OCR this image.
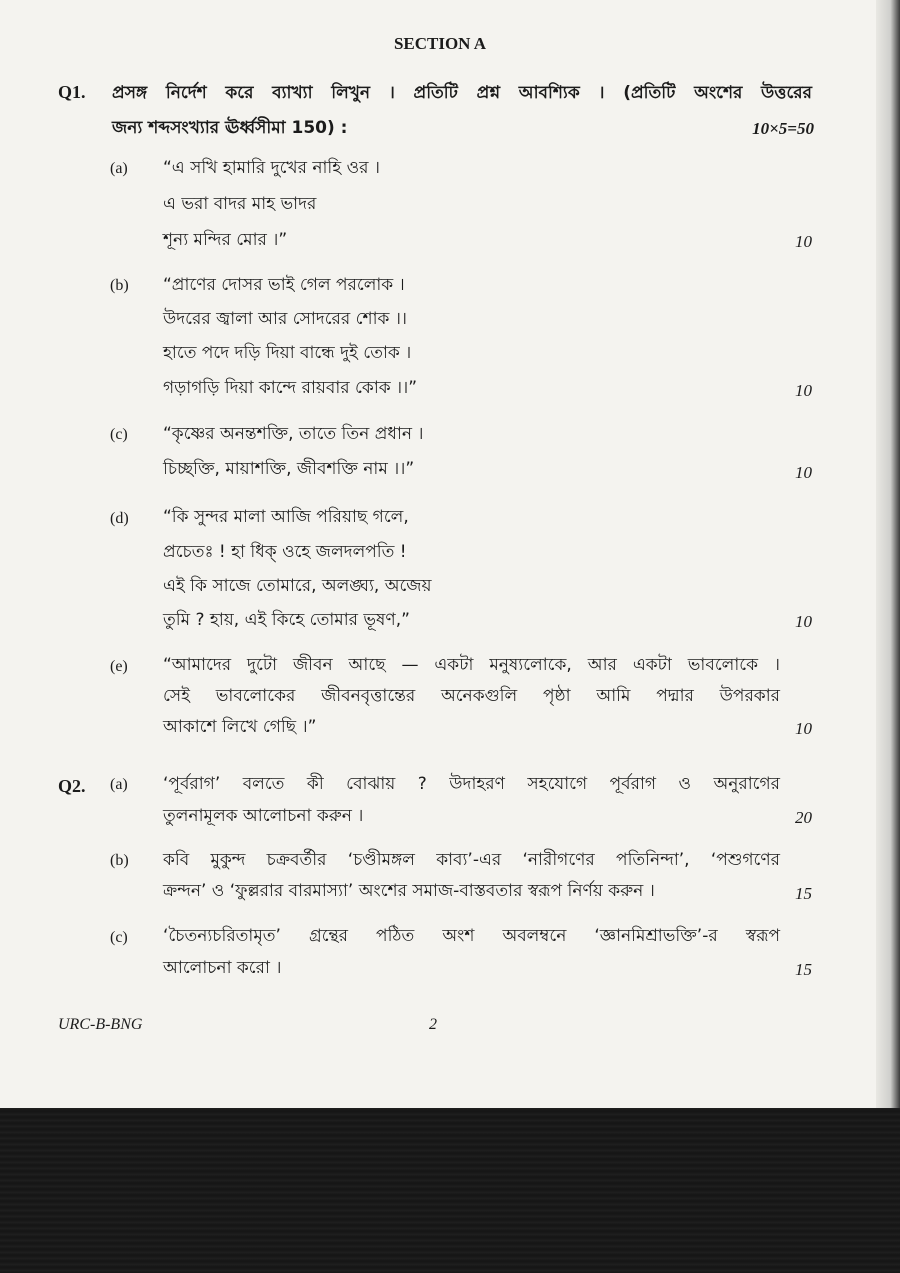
SECTION A
Q1. প্রসঙ্গ নির্দেশ করে ব্যাখ্যা লিখুন । প্রতিটি প্রশ্ন আবশ্যিক । (প্রতিটি অংশের উত্তরের
জন্য শব্দসংখ্যার ঊর্ধ্বসীমা 150) :	10×5=50
(a) “এ সখি হামারি দুখের নাহি ওর ।
এ ভরা বাদর মাহ ভাদর
শূন্য মন্দির মোর ।”	10
(b) “প্রাণের দোসর ভাই গেল পরলোক ।
উদরের জ্বালা আর সোদরের শোক ।।
হাতে পদে দড়ি দিয়া বান্ধে দুই তোক ।
গড়াগড়ি দিয়া কান্দে রায়বার কোক ।।”	10
(c) “কৃষ্ণের অনন্তশক্তি, তাতে তিন প্রধান ।
চিচ্ছক্তি, মায়াশক্তি, জীবশক্তি নাম ।।”	10
(d) “কি সুন্দর মালা আজি পরিয়াছ গলে,
প্রচেতঃ ! হা ধিক্ ওহে জলদলপতি !
এই কি সাজে তোমারে, অলঙ্ঘ্য, অজেয়
তুমি ? হায়, এই কিহে তোমার ভূষণ,”	10
(e) “আমাদের দুটো জীবন আছে — একটা মনুষ্যলোকে, আর একটা ভাবলোকে ।
সেই ভাবলোকের জীবনবৃত্তান্তের অনেকগুলি পৃষ্ঠা আমি পদ্মার উপরকার
আকাশে লিখে গেছি ।”	10
Q2. (a) ‘পূর্বরাগ’ বলতে কী বোঝায় ? উদাহরণ সহযোগে পূর্বরাগ ও অনুরাগের
তুলনামূলক আলোচনা করুন ।	20
(b) কবি মুকুন্দ চক্রবর্তীর ‘চণ্ডীমঙ্গল কাব্য’-এর ‘নারীগণের পতিনিন্দা’, ‘পশুগণের
ক্রন্দন’ ও ‘ফুল্লরার বারমাস্যা’ অংশের সমাজ-বাস্তবতার স্বরূপ নির্ণয় করুন ।	15
(c) ‘চৈতন্যচরিতামৃত’ গ্রন্থের পঠিত অংশ অবলম্বনে ‘জ্ঞানমিশ্রাভক্তি’-র স্বরূপ
আলোচনা করো ।	15
URC-B-BNG	2
